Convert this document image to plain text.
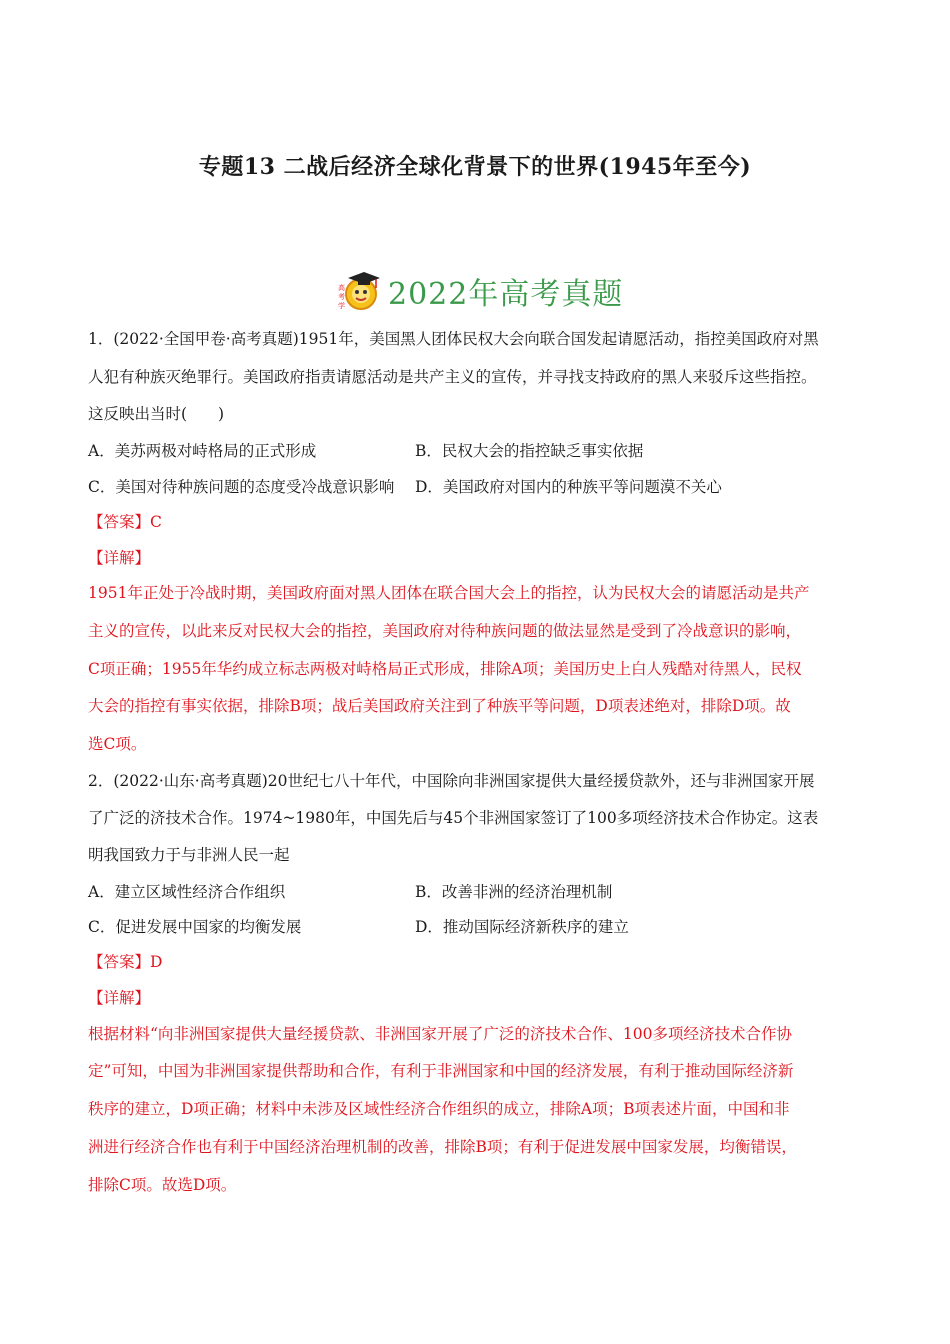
专题13 二战后经济全球化背景下的世界(1945年至今)
高
考
学 2022年高考真题
1．(2022·全国甲卷·高考真题)1951年，美国黑人团体民权大会向联合国发起请愿活动，指控美国政府对黑
人犯有种族灭绝罪行。美国政府指责请愿活动是共产主义的宣传，并寻找支持政府的黑人来驳斥这些指控。
这反映出当时(　　)
A．美苏两极对峙格局的正式形成	B．民权大会的指控缺乏事实依据
C．美国对待种族问题的态度受冷战意识影响 D．美国政府对国内的种族平等问题漠不关心
【答案】C
【详解】
1951年正处于冷战时期，美国政府面对黑人团体在联合国大会上的指控，认为民权大会的请愿活动是共产
主义的宣传，以此来反对民权大会的指控，美国政府对待种族问题的做法显然是受到了冷战意识的影响，
C项正确；1955年华约成立标志两极对峙格局正式形成，排除A项；美国历史上白人残酷对待黑人，民权
大会的指控有事实依据，排除B项；战后美国政府关注到了种族平等问题，D项表述绝对，排除D项。故
选C项。
2．(2022·山东·高考真题)20世纪七八十年代，中国除向非洲国家提供大量经援贷款外，还与非洲国家开展
了广泛的济技术合作。1974~1980年，中国先后与45个非洲国家签订了100多项经济技术合作协定。这表
明我国致力于与非洲人民一起
A．建立区域性经济合作组织	B．改善非洲的经济治理机制
C．促进发展中国家的均衡发展	D．推动国际经济新秩序的建立
【答案】D
【详解】
根据材料“向非洲国家提供大量经援贷款、非洲国家开展了广泛的济技术合作、100多项经济技术合作协
定”可知，中国为非洲国家提供帮助和合作，有利于非洲国家和中国的经济发展，有利于推动国际经济新
秩序的建立，D项正确；材料中未涉及区域性经济合作组织的成立，排除A项；B项表述片面，中国和非
洲进行经济合作也有利于中国经济治理机制的改善，排除B项；有利于促进发展中国家发展，均衡错误，
排除C项。故选D项。
